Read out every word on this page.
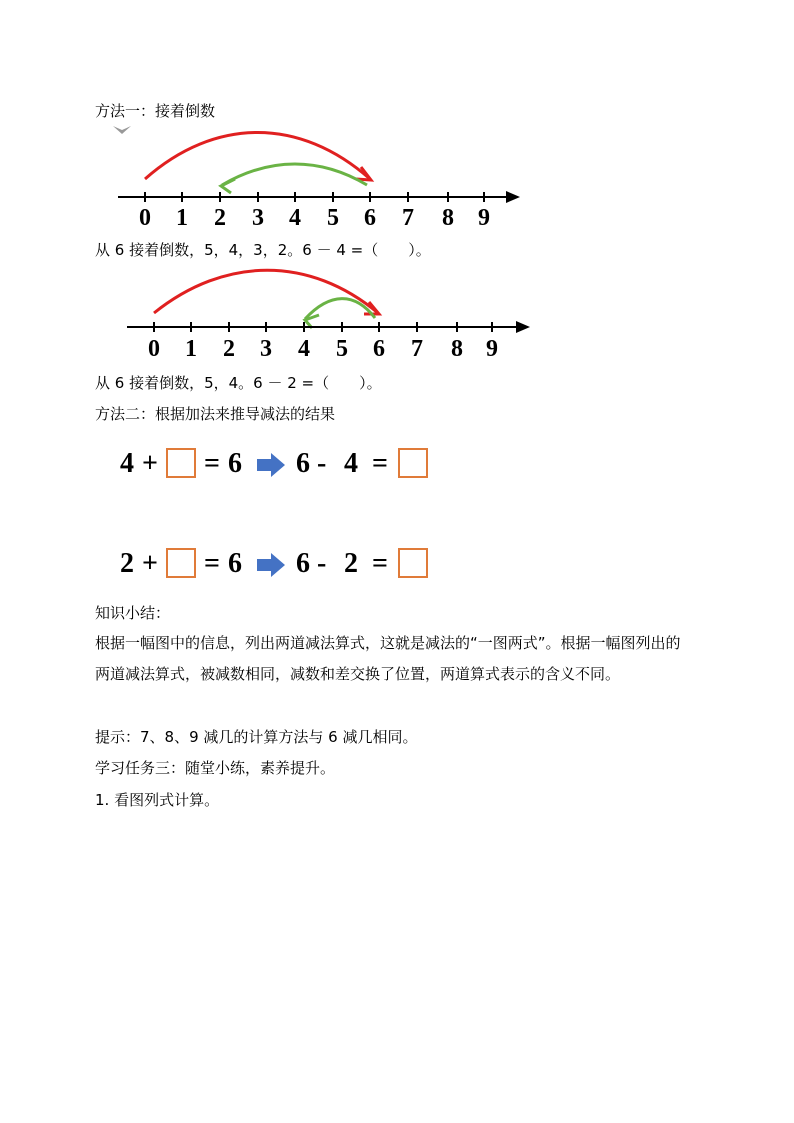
方法一：接着倒数
0 1 2 3 4 5 6 7 8 9
从 6 接着倒数，5，4，3，2。6 － 4 =（　　）。
0 1 2 3 4 5 6 7 8 9
从 6 接着倒数，5，4。6 － 2 =（　　）。
方法二：根据加法来推导减法的结果
4 + = 6 6 - 4 =
2 + = 6 6 - 2 =
知识小结：
根据一幅图中的信息，列出两道减法算式，这就是减法的“一图两式”。根据一幅图列出的两道减法算式，被减数相同，减数和差交换了位置，两道算式表示的含义不同。
提示：7、8、9 减几的计算方法与 6 减几相同。
学习任务三：随堂小练，素养提升。
1. 看图列式计算。
